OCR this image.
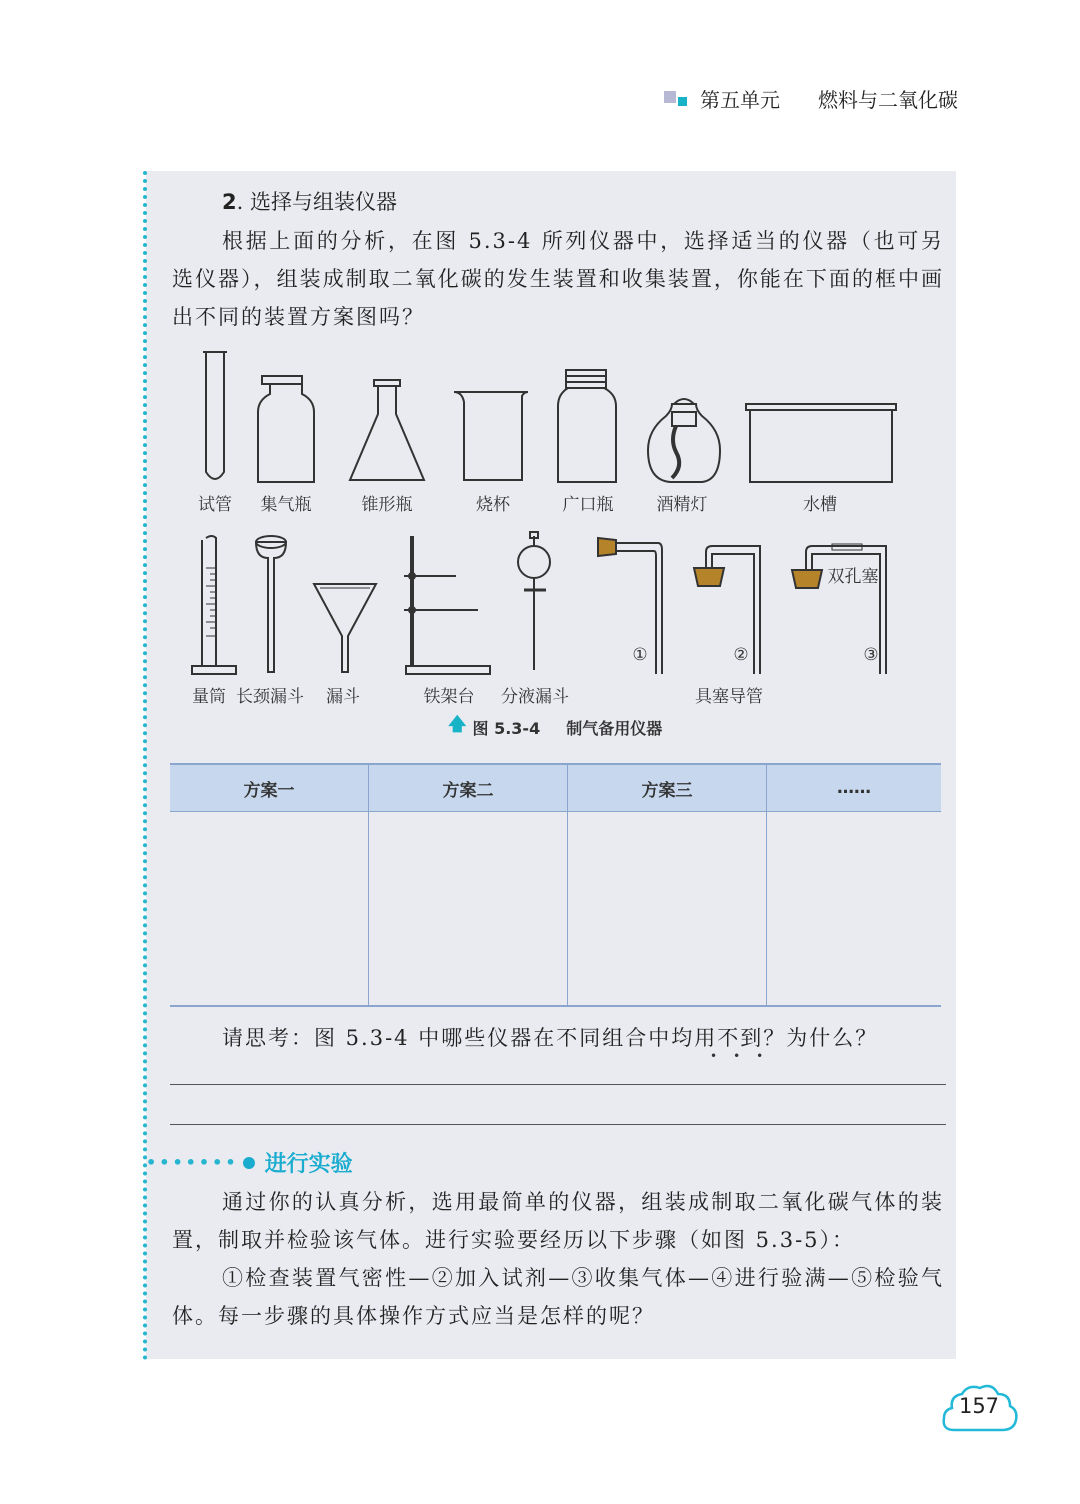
第五单元 燃料与二氧化碳
2. 选择与组装仪器

根据上面的分析，在图 5.3-4 所列仪器中，选择适当的仪器（也可另选仪器），组装成制取二氧化碳的发生装置和收集装置，你能在下面的框中画出不同的装置方案图吗？

试管 集气瓶	锥形瓶	烧杯	广口瓶	酒精灯	水槽
量筒 长颈漏斗 漏斗	铁架台 分液漏斗	具塞导管
双孔塞
①	②	③
🡅 图 5.3-4 制气备用仪器
方案一	方案二	方案三	……

请思考：图 5.3-4 中哪些仪器在不同组合中均用不到？为什么？
•••
••••••• 进行实验

通过你的认真分析，选用最简单的仪器，组装成制取二氧化碳气体的装置，制取并检验该气体。进行实验要经历以下步骤（如图 5.3-5）：

①检查装置气密性—②加入试剂—③收集气体—④进行验满—⑤检验气体。每一步骤的具体操作方式应当是怎样的呢？

157
